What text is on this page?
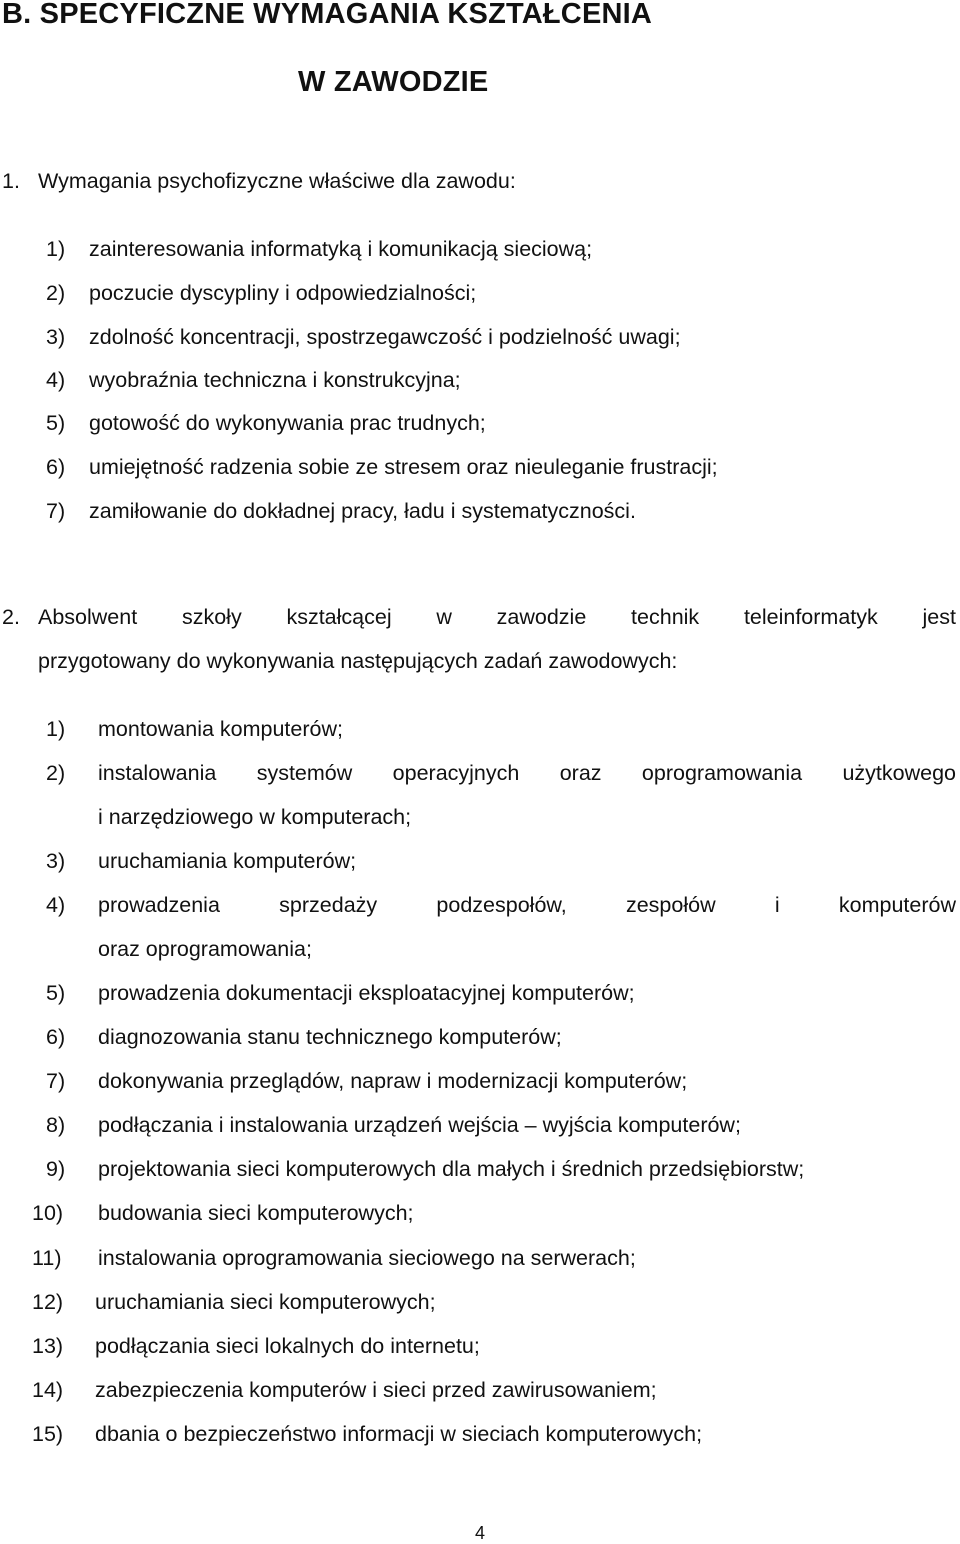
B. SPECYFICZNE WYMAGANIA KSZTAŁCENIA
W ZAWODZIE
1. Wymagania psychofizyczne właściwe dla zawodu:
1) zainteresowania informatyką i komunikacją sieciową;
2) poczucie dyscypliny i odpowiedzialności;
3) zdolność koncentracji, spostrzegawczość i podzielność uwagi;
4) wyobraźnia techniczna i konstrukcyjna;
5) gotowość do wykonywania prac trudnych;
6) umiejętność radzenia sobie ze stresem oraz nieuleganie frustracji;
7) zamiłowanie do dokładnej pracy, ładu i systematyczności.
2. Absolwent szkoły kształcącej w zawodzie technik teleinformatyk jest
przygotowany do wykonywania następujących zadań zawodowych:
1) montowania komputerów;
2) instalowania systemów operacyjnych oraz oprogramowania użytkowego
i narzędziowego w komputerach;
3) uruchamiania komputerów;
4) prowadzenia sprzedaży podzespołów, zespołów i komputerów
oraz oprogramowania;
5) prowadzenia dokumentacji eksploatacyjnej komputerów;
6) diagnozowania stanu technicznego komputerów;
7) dokonywania przeglądów, napraw i modernizacji komputerów;
8) podłączania i instalowania urządzeń wejścia – wyjścia komputerów;
9) projektowania sieci komputerowych dla małych i średnich przedsiębiorstw;
10) budowania sieci komputerowych;
11) instalowania oprogramowania sieciowego na serwerach;
12) uruchamiania sieci komputerowych;
13) podłączania sieci lokalnych do internetu;
14) zabezpieczenia komputerów i sieci przed zawirusowaniem;
15) dbania o bezpieczeństwo informacji w sieciach komputerowych;
4
